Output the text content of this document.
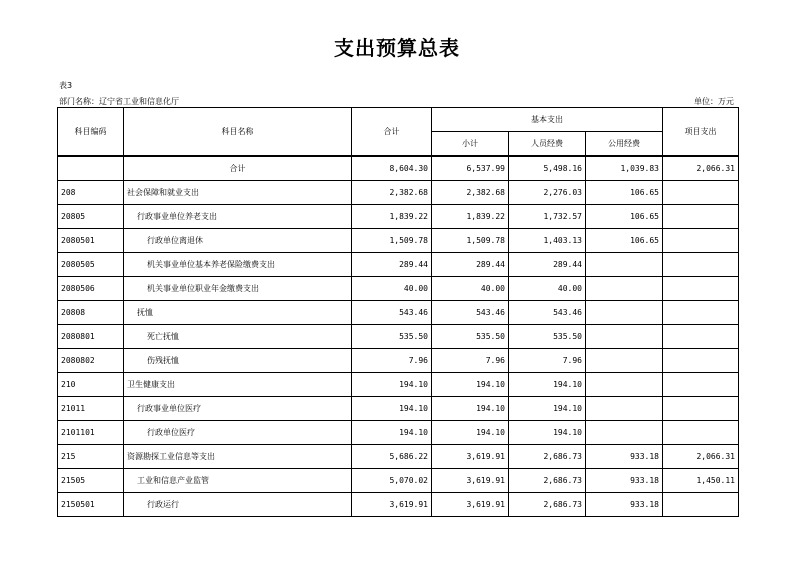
支出预算总表
表3
部门名称：辽宁省工业和信息化厅	单位：万元
科目编码	科目名称	合计	基本支出			项目支出
			小计	人员经费	公用经费	
	合计	8,604.30	6,537.99	5,498.16	1,039.83	2,066.31
208	社会保障和就业支出	2,382.68	2,382.68	2,276.03	106.65	
20805	行政事业单位养老支出	1,839.22	1,839.22	1,732.57	106.65	
2080501	行政单位离退休	1,509.78	1,509.78	1,403.13	106.65	
2080505	机关事业单位基本养老保险缴费支出	289.44	289.44	289.44		
2080506	机关事业单位职业年金缴费支出	40.00	40.00	40.00		
20808	抚恤	543.46	543.46	543.46		
2080801	死亡抚恤	535.50	535.50	535.50		
2080802	伤残抚恤	7.96	7.96	7.96		
210	卫生健康支出	194.10	194.10	194.10		
21011	行政事业单位医疗	194.10	194.10	194.10		
2101101	行政单位医疗	194.10	194.10	194.10		
215	资源勘探工业信息等支出	5,686.22	3,619.91	2,686.73	933.18	2,066.31
21505	工业和信息产业监管	5,070.02	3,619.91	2,686.73	933.18	1,450.11
2150501	行政运行	3,619.91	3,619.91	2,686.73	933.18	
